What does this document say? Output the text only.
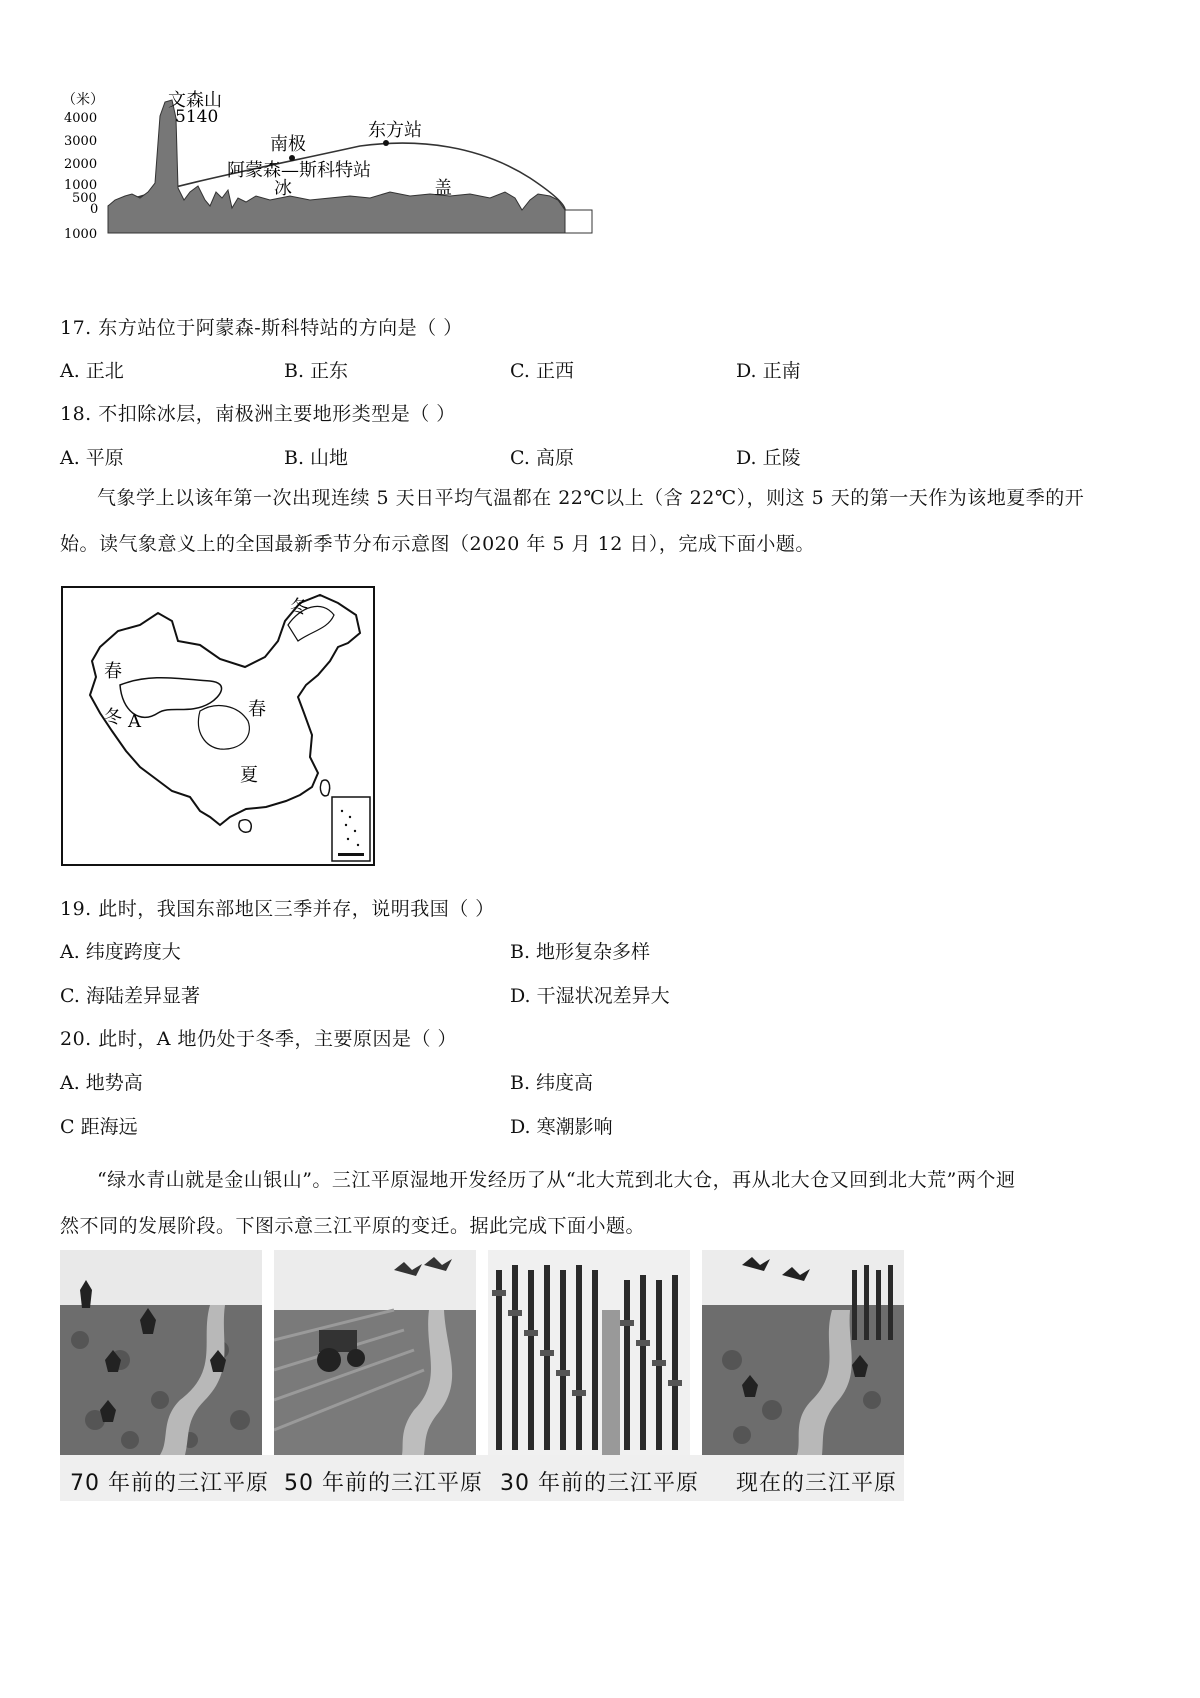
（米）
4000
3000
2000
1000
500
0
1000
文森山
5140
南极
阿蒙森—斯科特站
东方站
冰	盖
17. 东方站位于阿蒙森-斯科特站的方向是（ ）
A. 正北	B. 正东	C. 正西	D. 正南
18. 不扣除冰层，南极洲主要地形类型是（ ）
A. 平原	B. 山地	C. 高原	D. 丘陵
气象学上以该年第一次出现连续 5 天日平均气温都在 22℃以上（含 22℃），则这 5 天的第一天作为该地夏季的开
始。读气象意义上的全国最新季节分布示意图（2020 年 5 月 12 日），完成下面小题。
冬
春
冬 A
春
夏
19. 此时，我国东部地区三季并存，说明我国（ ）
A. 纬度跨度大	B. 地形复杂多样
C. 海陆差异显著	D. 干湿状况差异大
20. 此时，A 地仍处于冬季，主要原因是（ ）
A. 地势高	B. 纬度高
C 距海远	D. 寒潮影响
“绿水青山就是金山银山”。三江平原湿地开发经历了从“北大荒到北大仓，再从北大仓又回到北大荒”两个迥
然不同的发展阶段。下图示意三江平原的变迁。据此完成下面小题。
70 年前的三江平原 50 年前的三江平原 30 年前的三江平原 现在的三江平原
